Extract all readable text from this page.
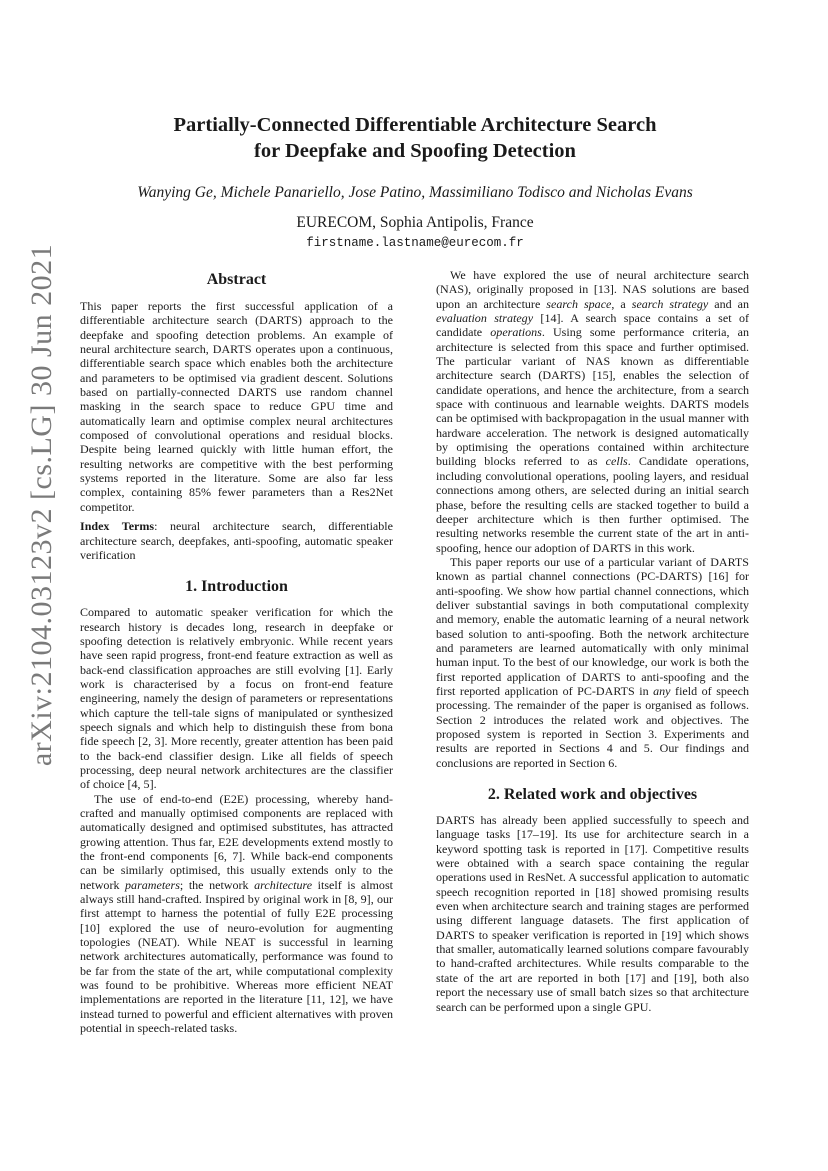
arXiv:2104.03123v2 [cs.LG] 30 Jun 2021

Partially-Connected Differentiable Architecture Search
for Deepfake and Spoofing Detection

Wanying Ge, Michele Panariello, Jose Patino, Massimiliano Todisco and Nicholas Evans
EURECOM, Sophia Antipolis, France
firstname.lastname@eurecom.fr
Abstract

This paper reports the first successful application of a differentiable architecture search (DARTS) approach to the deepfake and spoofing detection problems. An example of neural architecture search, DARTS operates upon a continuous, differentiable search space which enables both the architecture and parameters to be optimised via gradient descent. Solutions based on partially-connected DARTS use random channel masking in the search space to reduce GPU time and automatically learn and optimise complex neural architectures composed of convolutional operations and residual blocks. Despite being learned quickly with little human effort, the resulting networks are competitive with the best performing systems reported in the literature. Some are also far less complex, containing 85% fewer parameters than a Res2Net competitor.

Index Terms: neural architecture search, differentiable architecture search, deepfakes, anti-spoofing, automatic speaker verification

1. Introduction

Compared to automatic speaker verification for which the research history is decades long, research in deepfake or spoofing detection is relatively embryonic. While recent years have seen rapid progress, front-end feature extraction as well as back-end classification approaches are still evolving [1]. Early work is characterised by a focus on front-end feature engineering, namely the design of parameters or representations which capture the tell-tale signs of manipulated or synthesized speech signals and which help to distinguish these from bona fide speech [2, 3]. More recently, greater attention has been paid to the back-end classifier design. Like all fields of speech processing, deep neural network architectures are the classifier of choice [4, 5].

The use of end-to-end (E2E) processing, whereby hand-crafted and manually optimised components are replaced with automatically designed and optimised substitutes, has attracted growing attention. Thus far, E2E developments extend mostly to the front-end components [6, 7]. While back-end components can be similarly optimised, this usually extends only to the network parameters; the network architecture itself is almost always still hand-crafted. Inspired by original work in [8, 9], our first attempt to harness the potential of fully E2E processing [10] explored the use of neuro-evolution for augmenting topologies (NEAT). While NEAT is successful in learning network architectures automatically, performance was found to be far from the state of the art, while computational complexity was found to be prohibitive. Whereas more efficient NEAT implementations are reported in the literature [11, 12], we have instead turned to powerful and efficient alternatives with proven potential in speech-related tasks.

We have explored the use of neural architecture search (NAS), originally proposed in [13]. NAS solutions are based upon an architecture search space, a search strategy and an evaluation strategy [14]. A search space contains a set of candidate operations. Using some performance criteria, an architecture is selected from this space and further optimised. The particular variant of NAS known as differentiable architecture search (DARTS) [15], enables the selection of candidate operations, and hence the architecture, from a search space with continuous and learnable weights. DARTS models can be optimised with backpropagation in the usual manner with hardware acceleration. The network is designed automatically by optimising the operations contained within architecture building blocks referred to as cells. Candidate operations, including convolutional operations, pooling layers, and residual connections among others, are selected during an initial search phase, before the resulting cells are stacked together to build a deeper architecture which is then further optimised. The resulting networks resemble the current state of the art in anti-spoofing, hence our adoption of DARTS in this work.

This paper reports our use of a particular variant of DARTS known as partial channel connections (PC-DARTS) [16] for anti-spoofing. We show how partial channel connections, which deliver substantial savings in both computational complexity and memory, enable the automatic learning of a neural network based solution to anti-spoofing. Both the network architecture and parameters are learned automatically with only minimal human input. To the best of our knowledge, our work is both the first reported application of DARTS to anti-spoofing and the first reported application of PC-DARTS in any field of speech processing. The remainder of the paper is organised as follows. Section 2 introduces the related work and objectives. The proposed system is reported in Section 3. Experiments and results are reported in Sections 4 and 5. Our findings and conclusions are reported in Section 6.

2. Related work and objectives

DARTS has already been applied successfully to speech and language tasks [17–19]. Its use for architecture search in a keyword spotting task is reported in [17]. Competitive results were obtained with a search space containing the regular operations used in ResNet. A successful application to automatic speech recognition reported in [18] showed promising results even when architecture search and training stages are performed using different language datasets. The first application of DARTS to speaker verification is reported in [19] which shows that smaller, automatically learned solutions compare favourably to hand-crafted architectures. While results comparable to the state of the art are reported in both [17] and [19], both also report the necessary use of small batch sizes so that architecture search can be performed upon a single GPU.
